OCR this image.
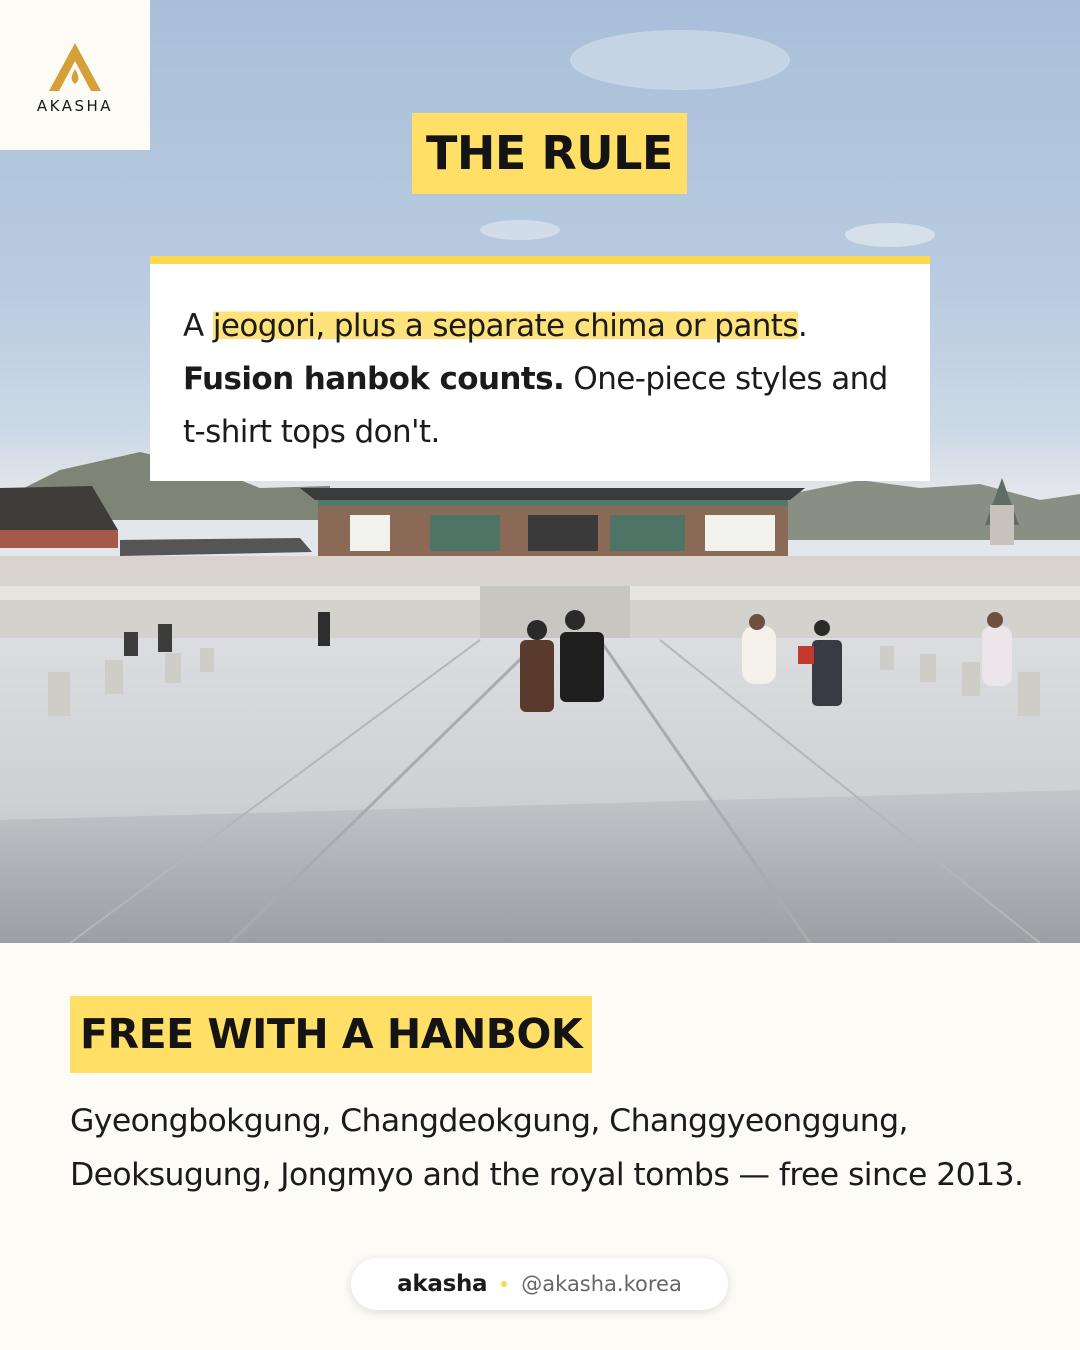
AKASHA
THE RULE
A jeogori, plus a separate chima or pants.
Fusion hanbok counts. One-piece styles and t-shirt tops don't.
FREE WITH A HANBOK
Gyeongbokgung, Changdeokgung, Changgyeonggung, Deoksugung, Jongmyo and the royal tombs — free since 2013.
akasha @akasha.korea
